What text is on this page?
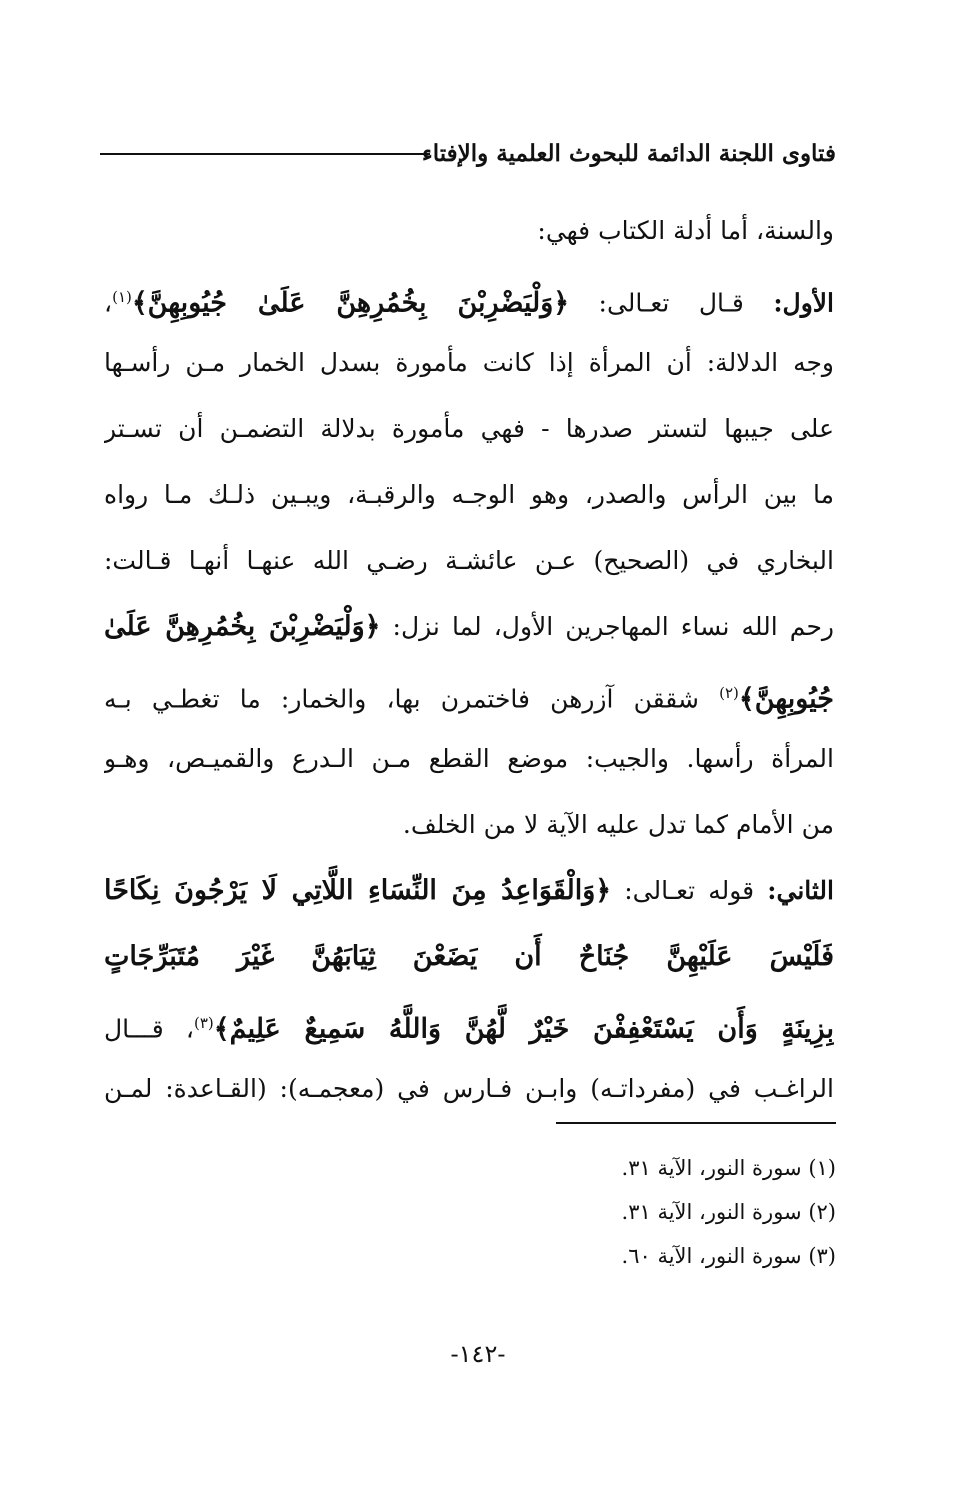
فتاوى اللجنة الدائمة للبحوث العلمية والإفتاء
والسنة، أما أدلة الكتاب فهي:
الأول: قـال تعـالى: ﴿وَلْيَضْرِبْنَ بِخُمُرِهِنَّ عَلَىٰ جُيُوبِهِنَّ﴾$^{(١)}$،
وجه الدلالة: أن المرأة إذا كانت مأمورة بسدل الخمار مـن رأسـها
على جيبها لتستر صدرها - فهي مأمورة بدلالة التضمـن أن تسـتر
ما بين الرأس والصدر، وهو الوجـه والرقبـة، ويبـين ذلـك مـا رواه
البخاري في (الصحيح) عـن عائشـة رضـي الله عنهـا أنهـا قـالت:
رحم الله نساء المهاجرين الأول، لما نزل: ﴿وَلْيَضْرِبْنَ بِخُمُرِهِنَّ عَلَىٰ
جُيُوبِهِنَّ﴾$^{(٢)}$ شققن آزرهن فاختمرن بها، والخمار: ما تغطـي بـه
المرأة رأسها. والجيب: موضع القطع مـن الـدرع والقميـص، وهـو
من الأمام كما تدل عليه الآية لا من الخلف.
الثاني: قوله تعـالى: ﴿وَالْقَوَاعِدُ مِنَ النِّسَاءِ اللَّاتِي لَا يَرْجُونَ نِكَاحًا
فَلَيْسَ عَلَيْهِنَّ جُنَاحٌ أَن يَضَعْنَ ثِيَابَهُنَّ غَيْرَ مُتَبَرِّجَاتٍ
بِزِينَةٍ وَأَن يَسْتَعْفِفْنَ خَيْرٌ لَّهُنَّ وَاللَّهُ سَمِيعٌ عَلِيمٌ﴾$^{(٣)}$، قـــال
الراغـب في (مفرداتـه) وابـن فـارس في (معجمـه): (القـاعدة: لمـن
(١) سورة النور، الآية ٣١.
(٢) سورة النور، الآية ٣١.
(٣) سورة النور، الآية ٦٠.
-١٤٢-
